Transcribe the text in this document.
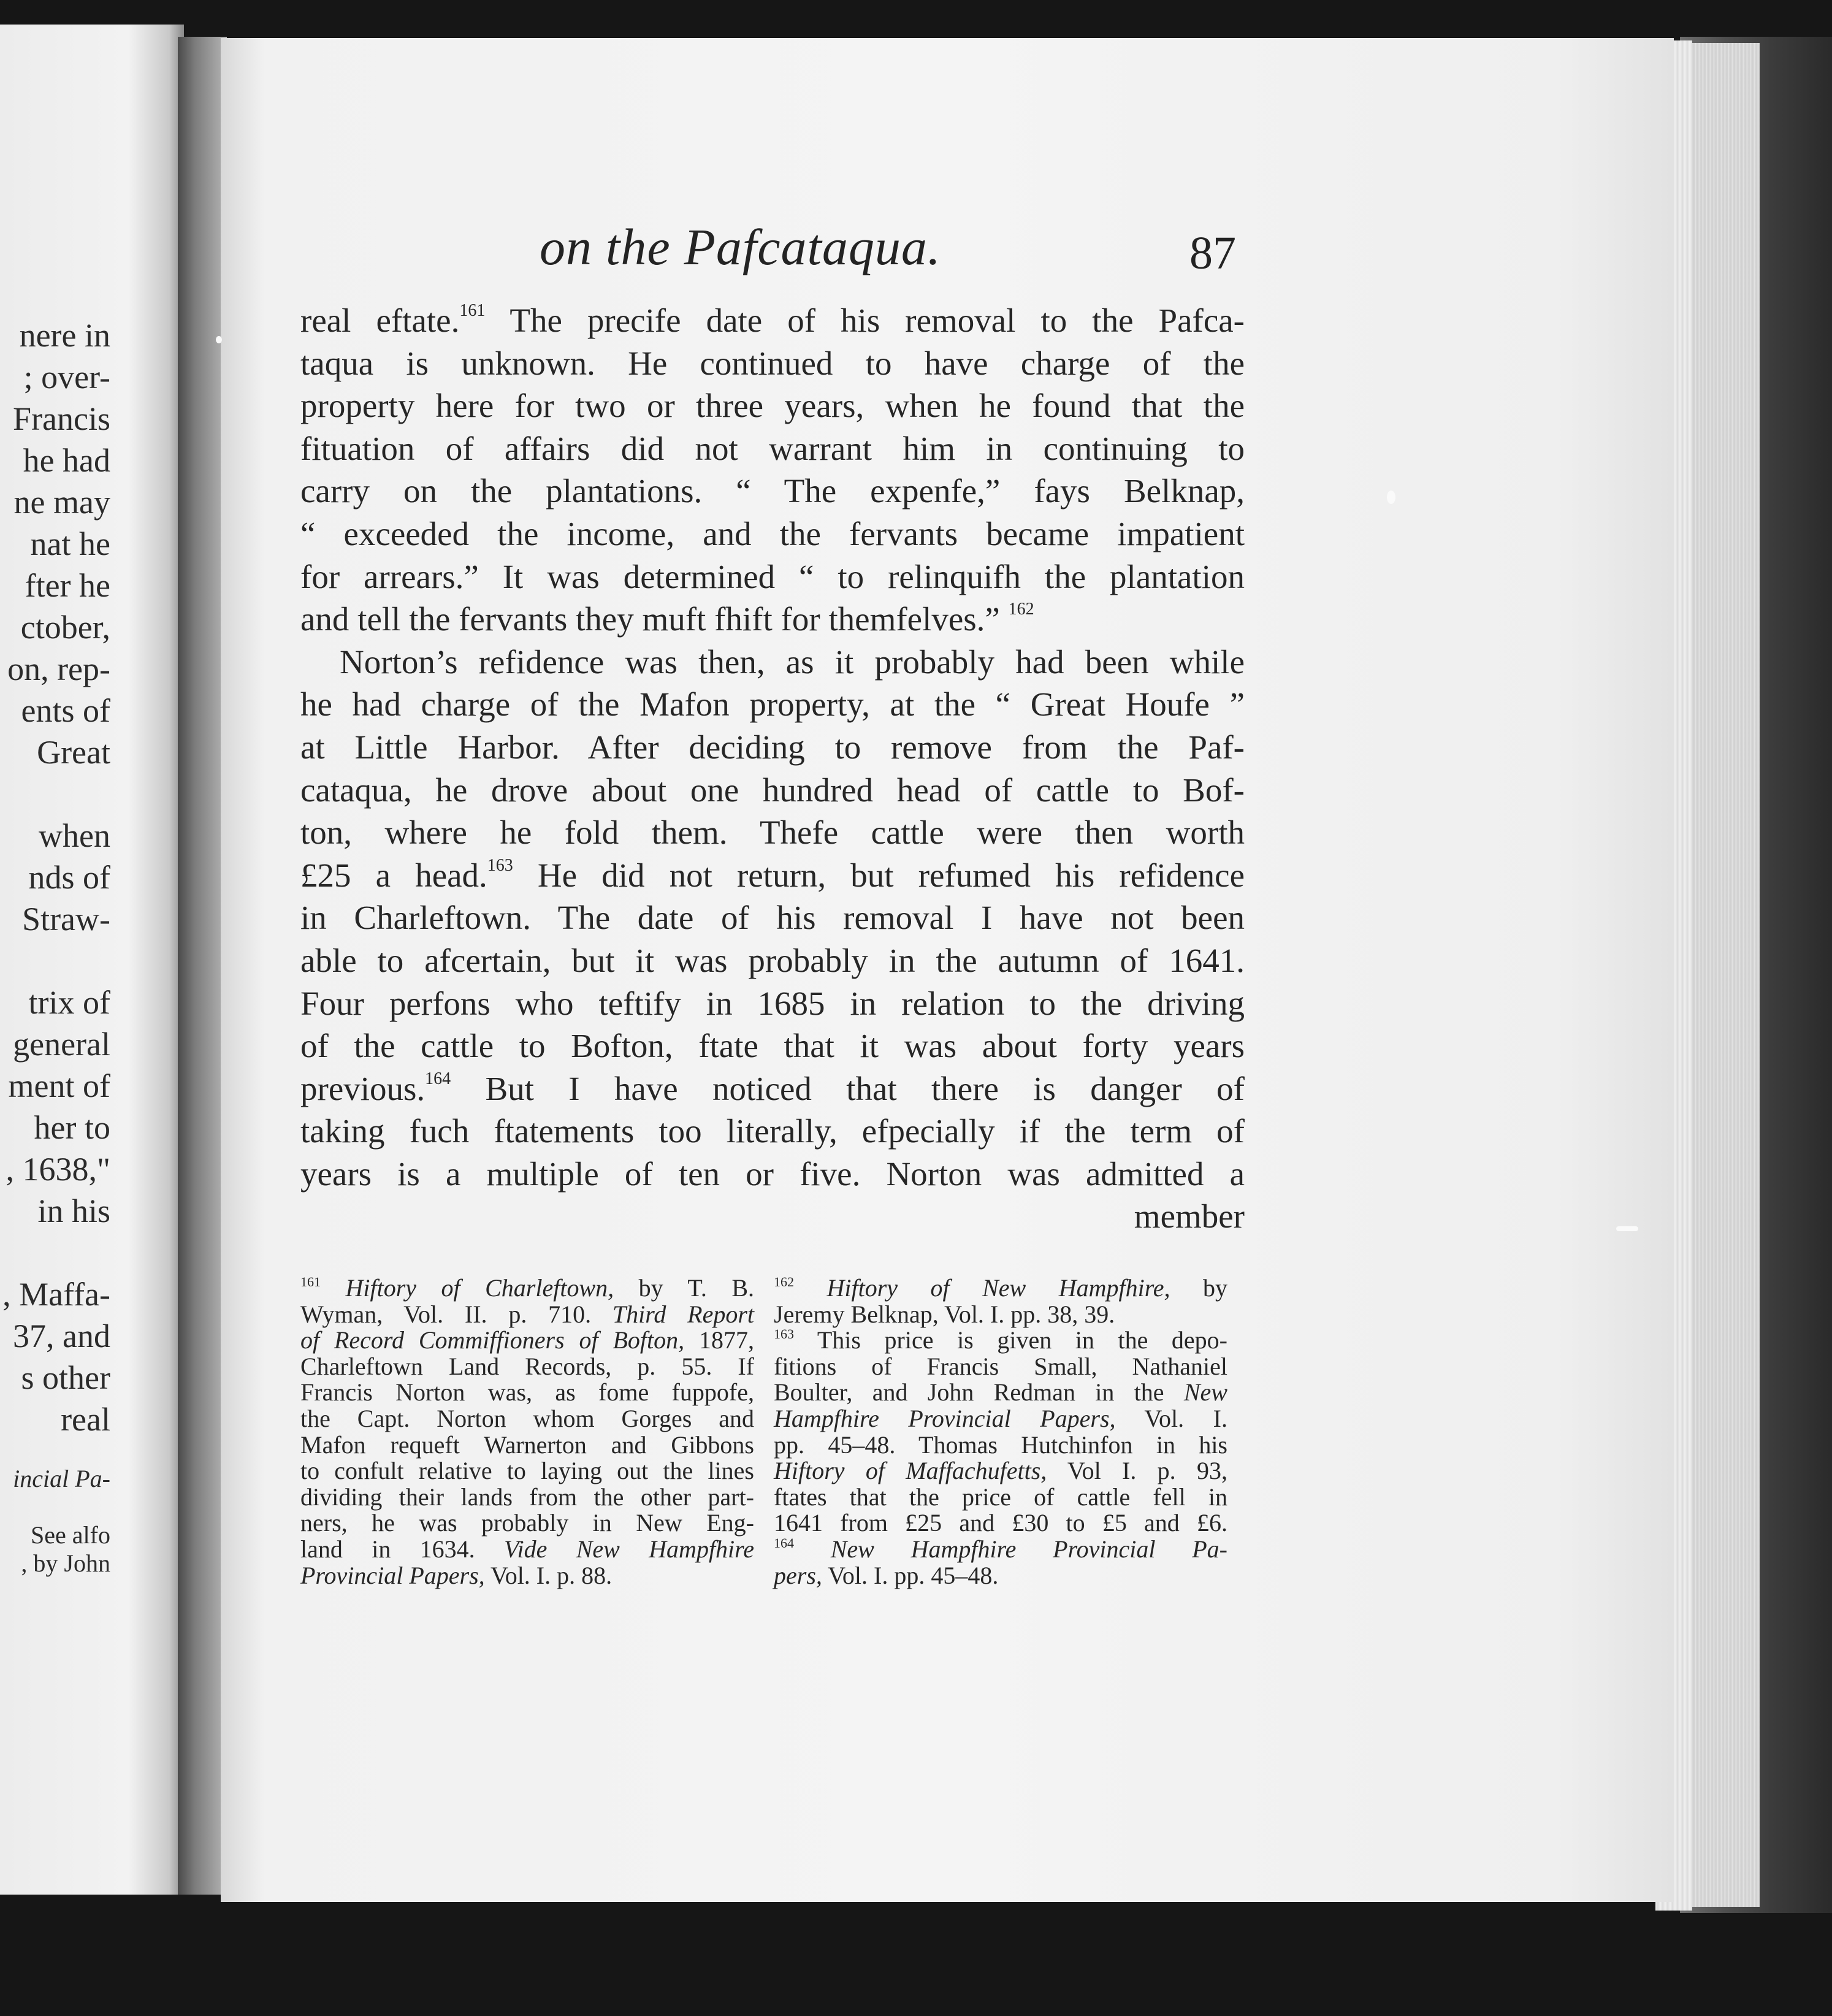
nere in
; over-
Francis
he had
ne may
nat he
fter he
ctober,
on, rep-
ents of
Great
when
nds of
Straw-
trix of
general
ment of
her to
, 1638,"
in his
, Maffa-
37, and
s other
real
incial Pa-
See alfo
, by John
on the Pafcataqua.	87
real eftate.$^{161}$ The precife date of his removal to the Pafca-
taqua is unknown. He continued to have charge of the
property here for two or three years, when he found that the
fituation of affairs did not warrant him in continuing to
carry on the plantations. “ The expenfe,” fays Belknap,
“ exceeded the income, and the fervants became impatient
for arrears.” It was determined “ to relinquifh the plantation
and tell the fervants they muft fhift for themfelves.” $^{162}$
Norton’s refidence was then, as it probably had been while
he had charge of the Mafon property, at the “ Great Houfe ”
at Little Harbor. After deciding to remove from the Paf-
cataqua, he drove about one hundred head of cattle to Bof-
ton, where he fold them. Thefe cattle were then worth
£25 a head.$^{163}$ He did not return, but refumed his refidence
in Charleftown. The date of his removal I have not been
able to afcertain, but it was probably in the autumn of 1641.
Four perfons who teftify in 1685 in relation to the driving
of the cattle to Bofton, ftate that it was about forty years
previous.$^{164}$ But I have noticed that there is danger of
taking fuch ftatements too literally, efpecially if the term of
years is a multiple of ten or five. Norton was admitted a
member
$^{161}$ Hiftory of Charleftown, by T. B.
Wyman, Vol. II. p. 710. Third Report
of Record Commiffioners of Bofton, 1877,
Charleftown Land Records, p. 55. If
Francis Norton was, as fome fuppofe,
the Capt. Norton whom Gorges and
Mafon requeft Warnerton and Gibbons
to confult relative to laying out the lines
dividing their lands from the other part-
ners, he was probably in New Eng-
land in 1634. Vide New Hampfhire
Provincial Papers, Vol. I. p. 88.
$^{162}$ Hiftory of New Hampfhire, by
Jeremy Belknap, Vol. I. pp. 38, 39.
$^{163}$ This price is given in the depo-
fitions of Francis Small, Nathaniel
Boulter, and John Redman in the New
Hampfhire Provincial Papers, Vol. I.
pp. 45–48. Thomas Hutchinfon in his
Hiftory of Maffachufetts, Vol I. p. 93,
ftates that the price of cattle fell in
1641 from £25 and £30 to £5 and £6.
$^{164}$ New Hampfhire Provincial Pa-
pers, Vol. I. pp. 45–48.
